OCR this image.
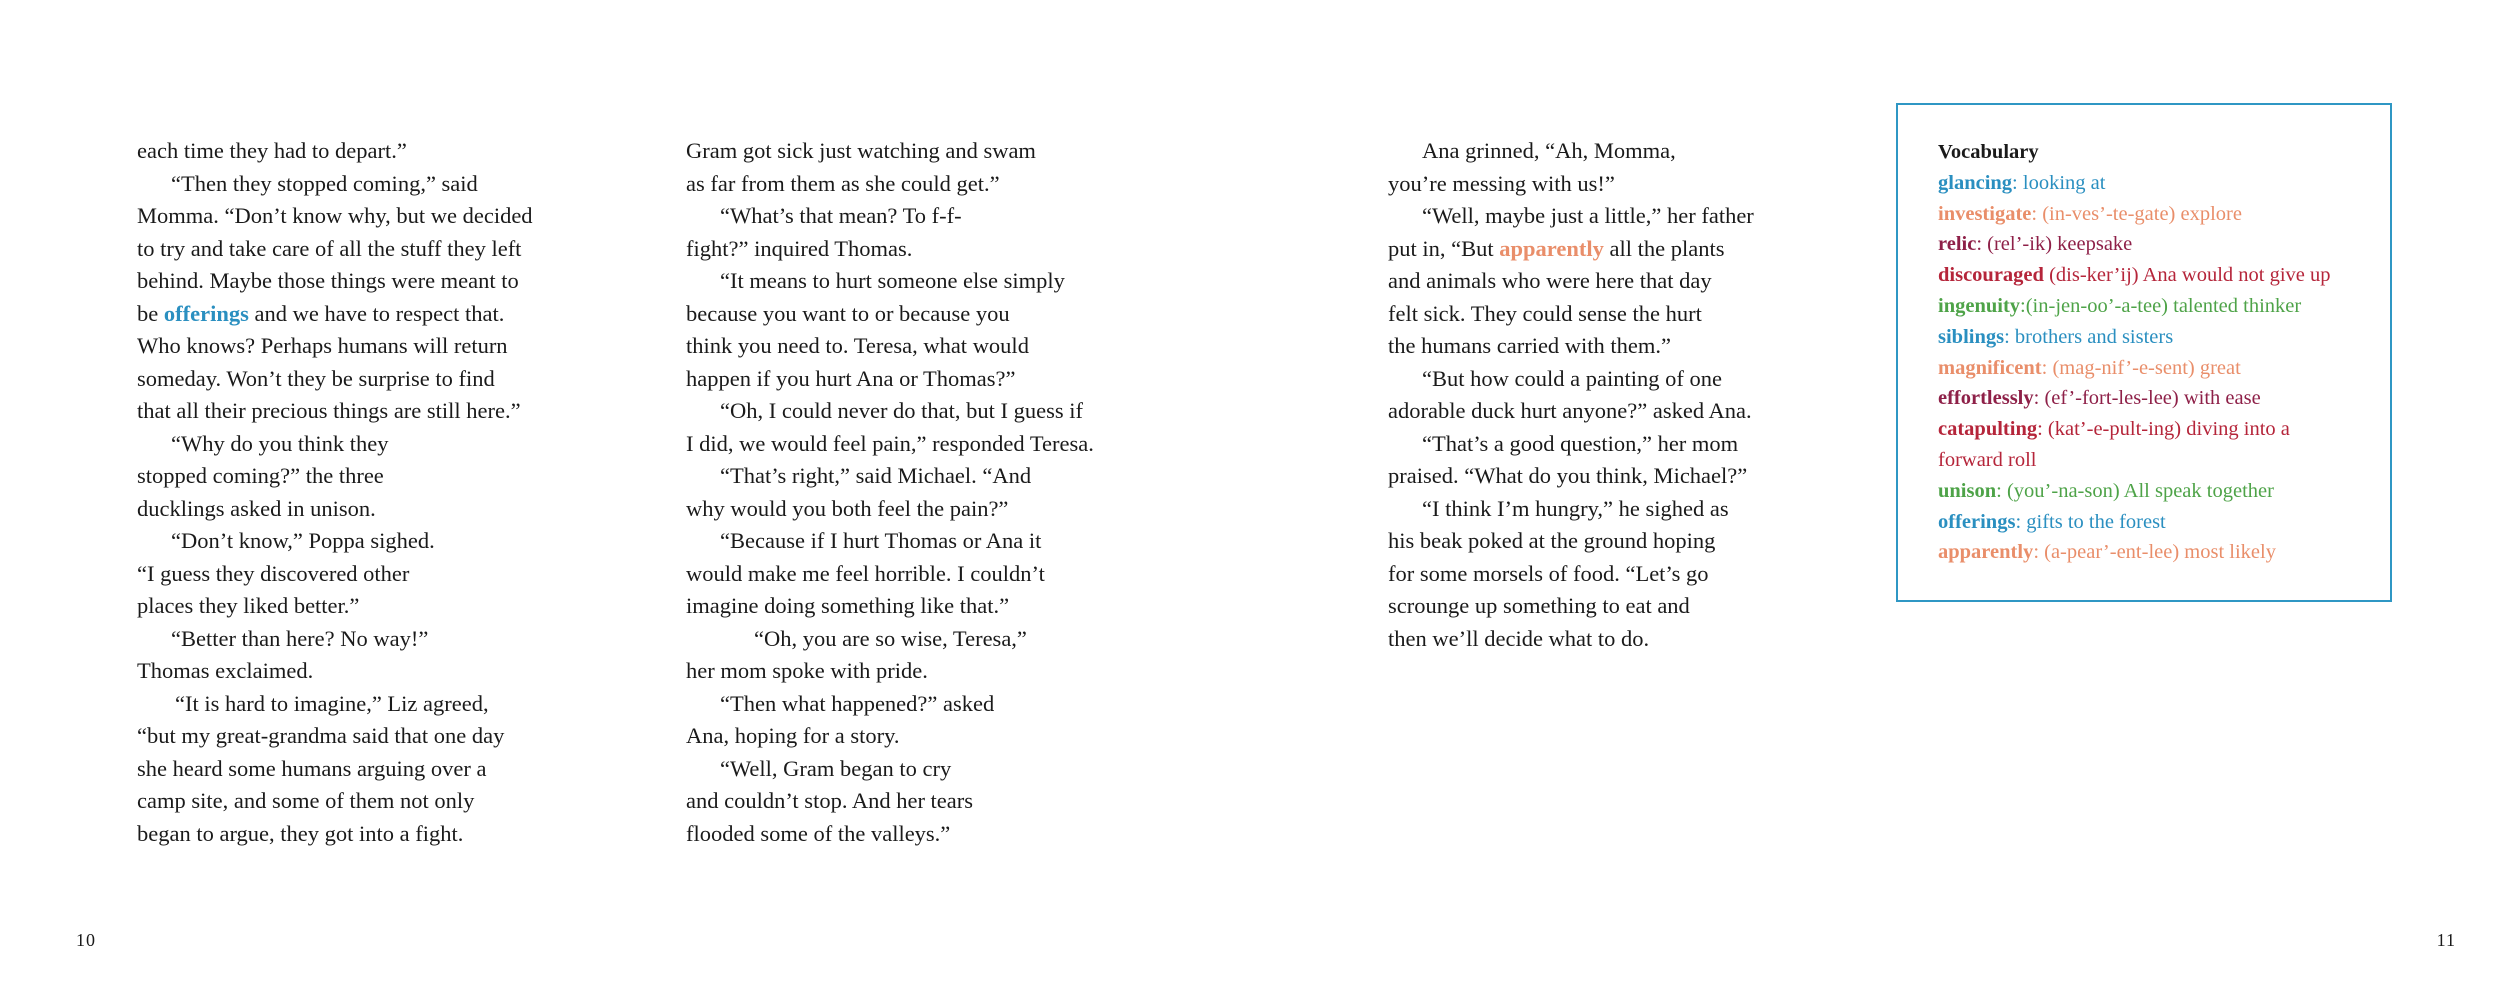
each time they had to depart.”
“Then they stopped coming,” said
Momma. “Don’t know why, but we decided
to try and take care of all the stuff they left
behind. Maybe those things were meant to
be offerings and we have to respect that.
Who knows? Perhaps humans will return
someday. Won’t they be surprise to find
that all their precious things are still here.”
“Why do you think they
stopped coming?” the three
ducklings asked in unison.
“Don’t know,” Poppa sighed.
“I guess they discovered other
places they liked better.”
“Better than here? No way!”
Thomas exclaimed.
“It is hard to imagine,” Liz agreed,
“but my great-grandma said that one day
she heard some humans arguing over a
camp site, and some of them not only
began to argue, they got into a fight.
Gram got sick just watching and swam
as far from them as she could get.”
“What’s that mean? To f-f-
fight?” inquired Thomas.
“It means to hurt someone else simply
because you want to or because you
think you need to. Teresa, what would
happen if you hurt Ana or Thomas?”
“Oh, I could never do that, but I guess if
I did, we would feel pain,” responded Teresa.
“That’s right,” said Michael. “And
why would you both feel the pain?”
“Because if I hurt Thomas or Ana it
would make me feel horrible. I couldn’t
imagine doing something like that.”
“Oh, you are so wise, Teresa,”
her mom spoke with pride.
“Then what happened?” asked
Ana, hoping for a story.
“Well, Gram began to cry
and couldn’t stop. And her tears
flooded some of the valleys.”
Ana grinned, “Ah, Momma,
you’re messing with us!”
“Well, maybe just a little,” her father
put in, “But apparently all the plants
and animals who were here that day
felt sick. They could sense the hurt
the humans carried with them.”
“But how could a painting of one
adorable duck hurt anyone?” asked Ana.
“That’s a good question,” her mom
praised. “What do you think, Michael?”
“I think I’m hungry,” he sighed as
his beak poked at the ground hoping
for some morsels of food. “Let’s go
scrounge up something to eat and
then we’ll decide what to do.
Vocabulary
glancing: looking at
investigate: (in-ves’-te-gate) explore
relic: (rel’-ik) keepsake
discouraged (dis-ker’ij) Ana would not give up
ingenuity:(in-jen-oo’-a-tee) talented thinker
siblings: brothers and sisters
magnificent: (mag-nif’-e-sent) great
effortlessly: (ef’-fort-les-lee) with ease
catapulting: (kat’-e-pult-ing) diving into a
forward roll
unison: (you’-na-son) All speak together
offerings: gifts to the forest
apparently: (a-pear’-ent-lee) most likely
10	11
